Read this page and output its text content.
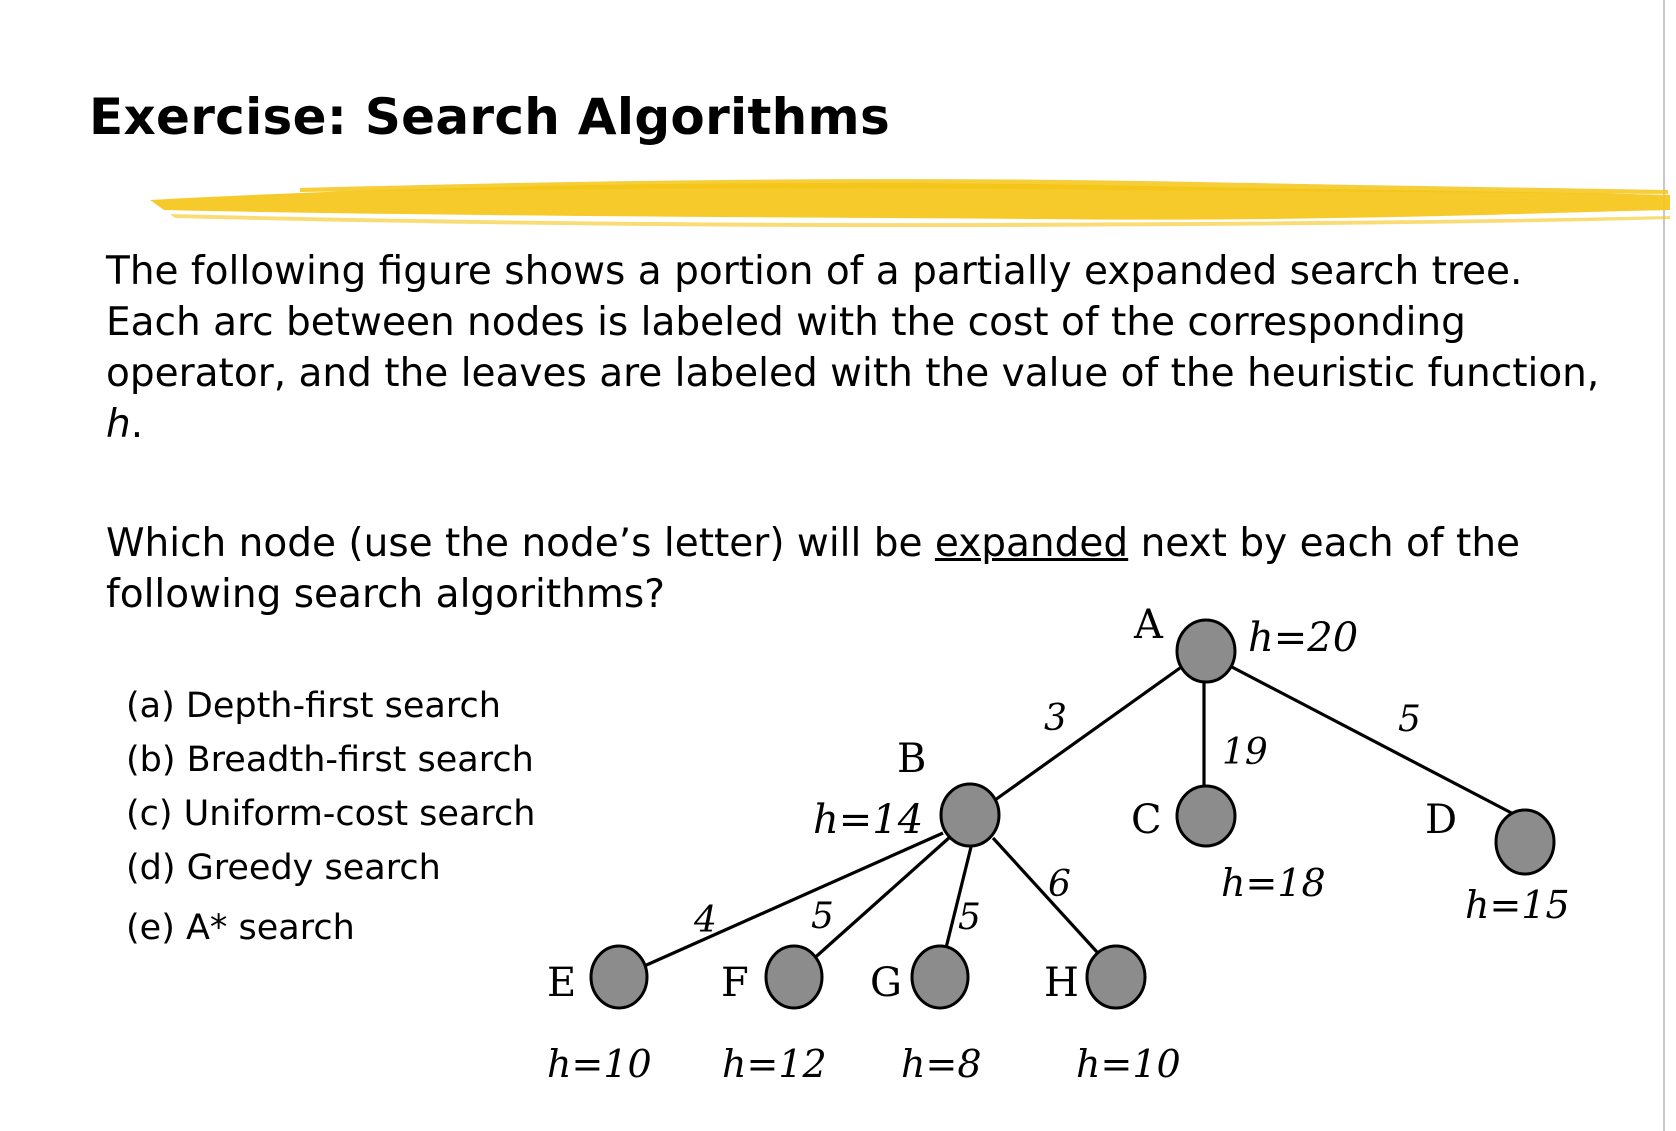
Exercise: Search Algorithms

The following figure shows a portion of a partially expanded search tree.
Each arc between nodes is labeled with the cost of the corresponding
operator, and the leaves are labeled with the value of the heuristic function,
h.

Which node (use the node’s letter) will be expanded next by each of the
following search algorithms?

(a) Depth-first search
(b) Breadth-first search
(c) Uniform-cost search
(d) Greedy search
(e) A* search
A
B
C	D
E	F	G	H
h=20
h=14
h=18	h=15
h=10 h=12 h=8 h=10
3
19
5
4	5	5
6
